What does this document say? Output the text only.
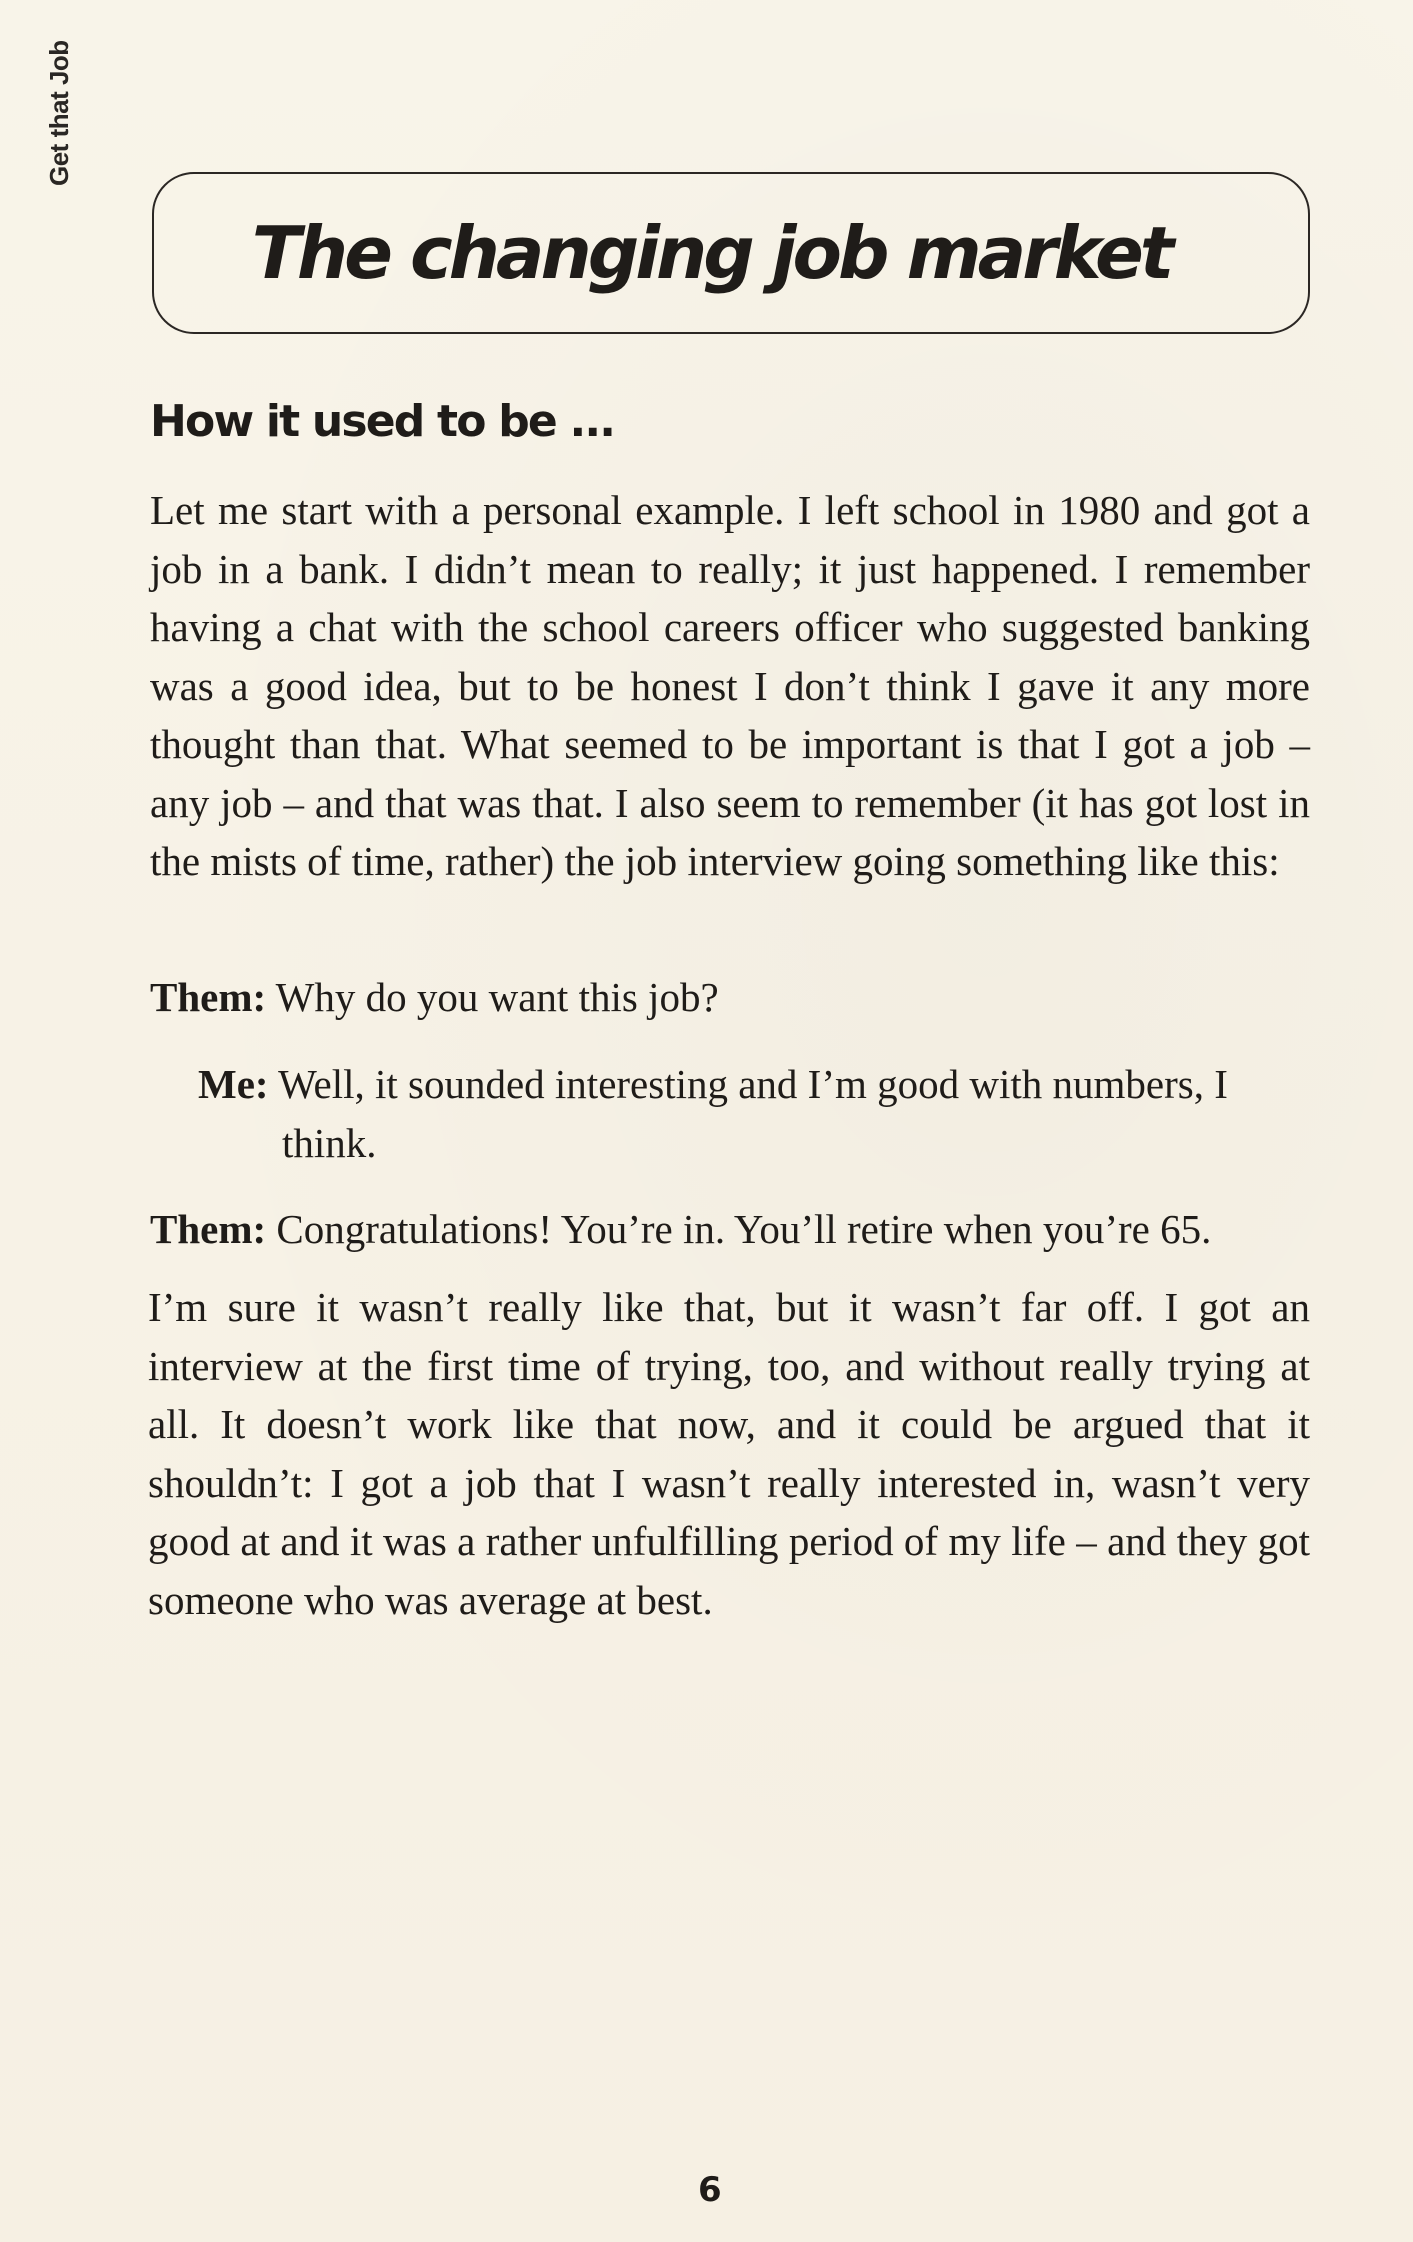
Get that Job
The changing job market
How it used to be ...
Let me start with a personal example. I left school in 1980 and got a job in a bank. I didn’t mean to really; it just happened. I remember having a chat with the school careers officer who suggested banking was a good idea, but to be honest I don’t think I gave it any more thought than that. What seemed to be important is that I got a job – any job – and that was that. I also seem to remember (it has got lost in the mists of time, rather) the job interview going something like this:
Them: Why do you want this job?
Me: Well, it sounded interesting and I’m good with numbers, I think.
Them: Congratulations! You’re in. You’ll retire when you’re 65.
I’m sure it wasn’t really like that, but it wasn’t far off. I got an interview at the first time of trying, too, and without really trying at all. It doesn’t work like that now, and it could be argued that it shouldn’t: I got a job that I wasn’t really interested in, wasn’t very good at and it was a rather unfulfilling period of my life – and they got someone who was average at best.
6
